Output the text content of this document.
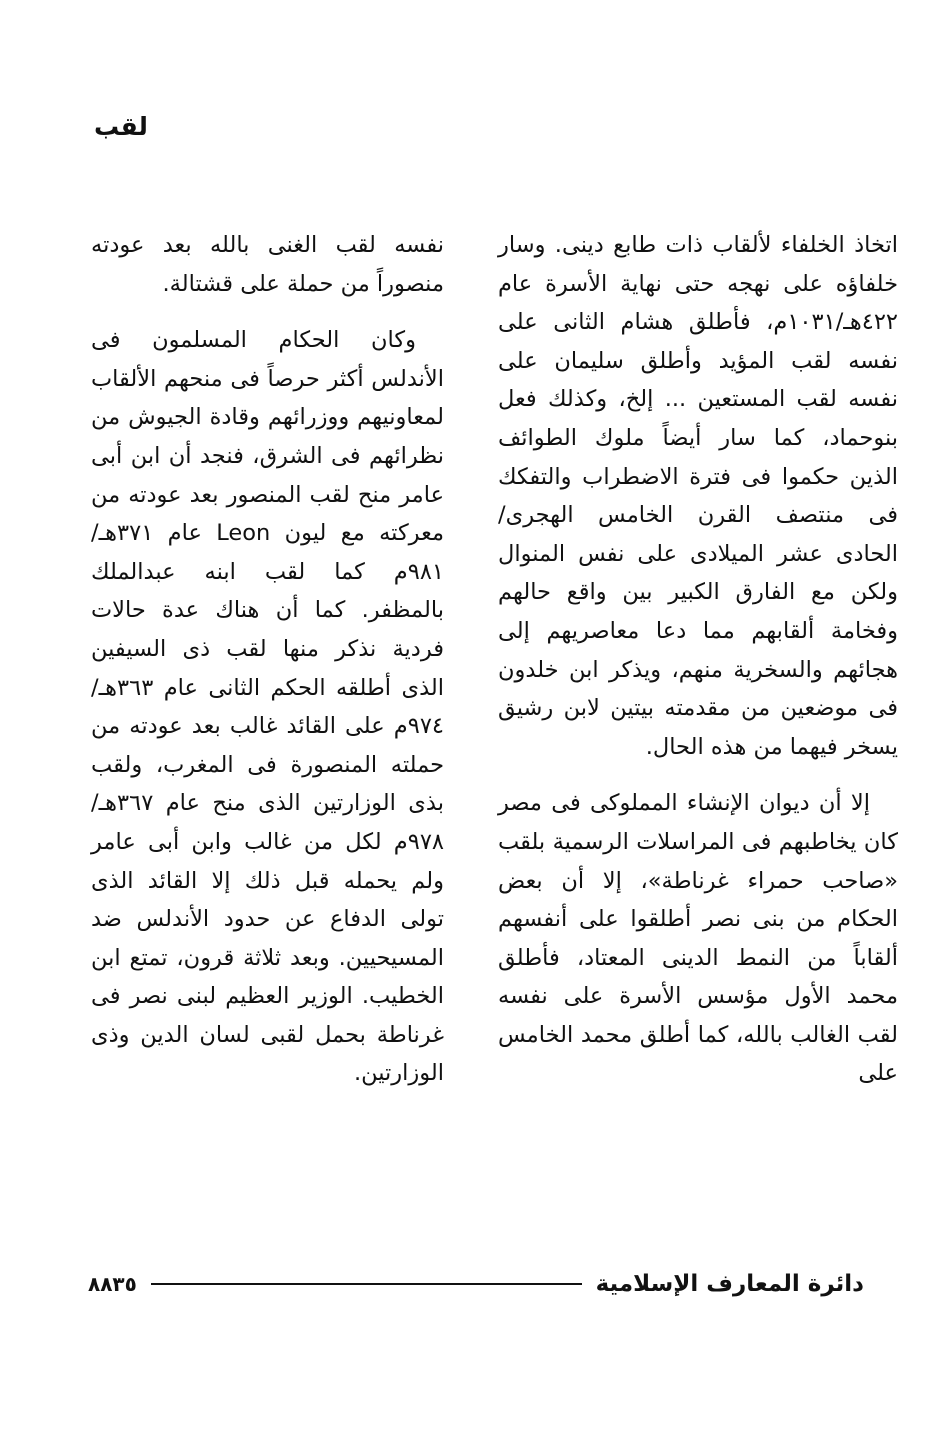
لقب

اتخاذ الخلفاء لألقاب ذات طابع دينى. وسار خلفاؤه على نهجه حتى نهاية الأسرة عام ٤٢٢هـ/١٠٣١م، فأطلق هشام الثانى على نفسه لقب المؤيد وأطلق سليمان على نفسه لقب المستعين ... إلخ، وكذلك فعل بنوحماد، كما سار أيضاً ملوك الطوائف الذين حكموا فى فترة الاضطراب والتفكك فى منتصف القرن الخامس الهجرى/ الحادى عشر الميلادى على نفس المنوال ولكن مع الفارق الكبير بين واقع حالهم وفخامة ألقابهم مما دعا معاصريهم إلى هجائهم والسخرية منهم، ويذكر ابن خلدون فى موضعين من مقدمته بيتين لابن رشيق يسخر فيهما من هذه الحال.

إلا أن ديوان الإنشاء المملوكى فى مصر كان يخاطبهم فى المراسلات الرسمية بلقب «صاحب حمراء غرناطة»، إلا أن بعض الحكام من بنى نصر أطلقوا على أنفسهم ألقاباً من النمط الدينى المعتاد، فأطلق محمد الأول مؤسس الأسرة على نفسه لقب الغالب بالله، كما أطلق محمد الخامس على

نفسه لقب الغنى بالله بعد عودته منصوراً من حملة على قشتالة.

وكان الحكام المسلمون فى الأندلس أكثر حرصاً فى منحهم الألقاب لمعاونيهم ووزرائهم وقادة الجيوش من نظرائهم فى الشرق، فنجد أن ابن أبى عامر منح لقب المنصور بعد عودته من معركته مع ليون Leon عام ٣٧١هـ/٩٨١م كما لقب ابنه عبدالملك بالمظفر. كما أن هناك عدة حالات فردية نذكر منها لقب ذى السيفين الذى أطلقه الحكم الثانى عام ٣٦٣هـ/ ٩٧٤م على القائد غالب بعد عودته من حملته المنصورة فى المغرب، ولقب بذى الوزارتين الذى منح عام ٣٦٧هـ/ ٩٧٨م لكل من غالب وابن أبى عامر ولم يحمله قبل ذلك إلا القائد الذى تولى الدفاع عن حدود الأندلس ضد المسيحيين. وبعد ثلاثة قرون، تمتع ابن الخطيب. الوزير العظيم لبنى نصر فى غرناطة بحمل لقبى لسان الدين وذى الوزارتين.

دائرة المعارف الإسلامية
٨٨٣٥
